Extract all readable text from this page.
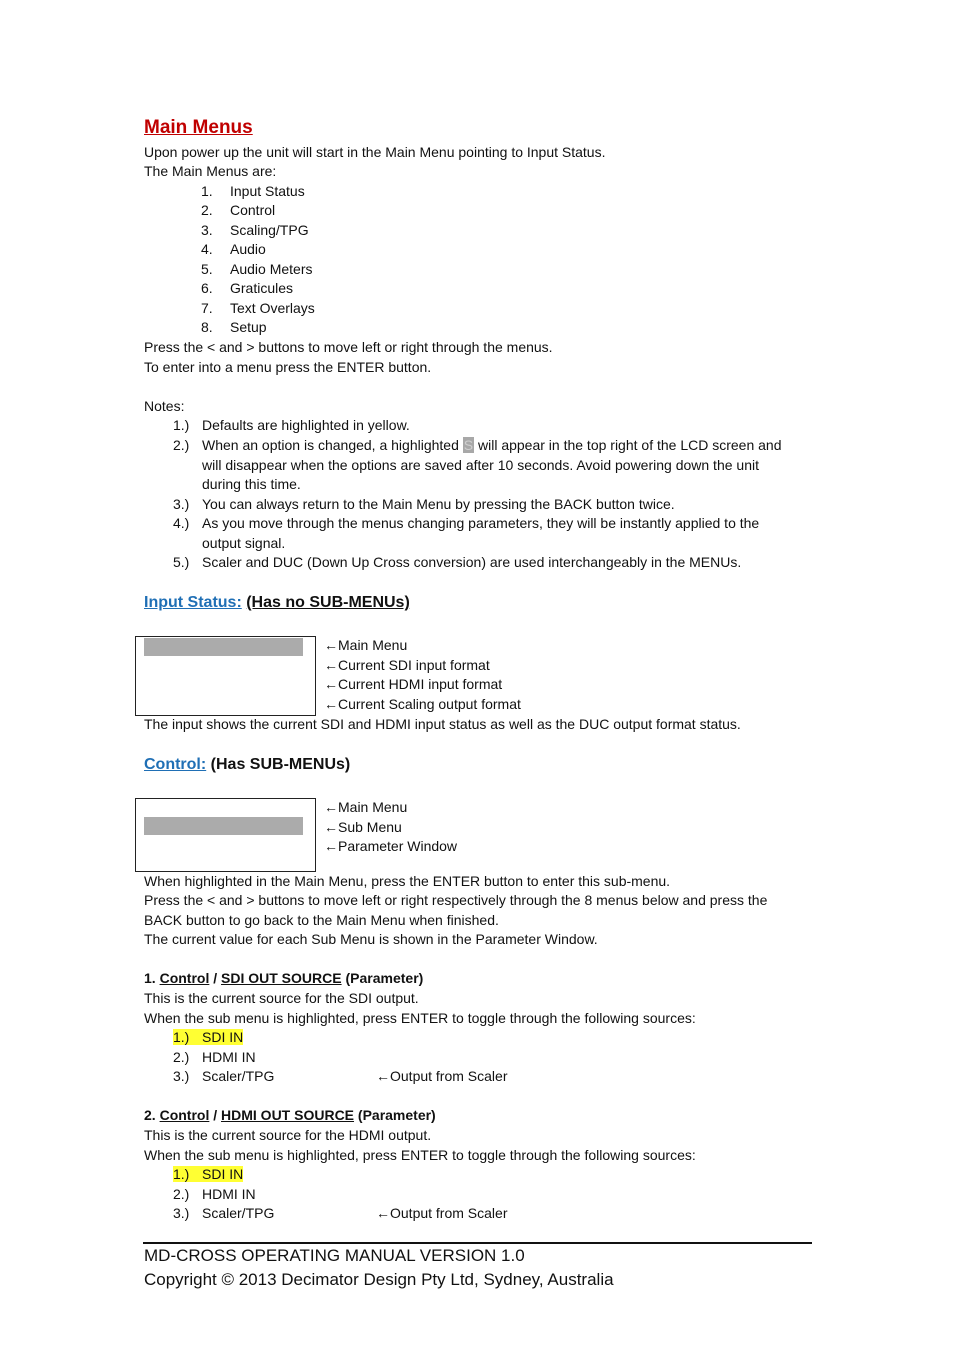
Main Menus
Upon power up the unit will start in the Main Menu pointing to Input Status.
The Main Menus are:
1. Input Status
2. Control
3. Scaling/TPG
4. Audio
5. Audio Meters
6. Graticules
7. Text Overlays
8. Setup
Press the < and > buttons to move left or right through the menus.
To enter into a menu press the ENTER button.
Notes:
1.) Defaults are highlighted in yellow.
2.) When an option is changed, a highlighted S will appear in the top right of the LCD screen and
will disappear when the options are saved after 10 seconds. Avoid powering down the unit
during this time.
3.) You can always return to the Main Menu by pressing the BACK button twice.
4.) As you move through the menus changing parameters, they will be instantly applied to the
output signal.
5.) Scaler and DUC (Down Up Cross conversion) are used interchangeably in the MENUs.
Input Status: (Has no SUB-MENUs)
←Main Menu
←Current SDI input format
←Current HDMI input format
←Current Scaling output format
The input shows the current SDI and HDMI input status as well as the DUC output format status.
Control: (Has SUB-MENUs)
←Main Menu
←Sub Menu
←Parameter Window
When highlighted in the Main Menu, press the ENTER button to enter this sub-menu.
Press the < and > buttons to move left or right respectively through the 8 menus below and press the
BACK button to go back to the Main Menu when finished.
The current value for each Sub Menu is shown in the Parameter Window.
1. Control / SDI OUT SOURCE (Parameter)
This is the current source for the SDI output.
When the sub menu is highlighted, press ENTER to toggle through the following sources:
1.) SDI IN
2.) HDMI IN
3.) Scaler/TPG	←Output from Scaler
2. Control / HDMI OUT SOURCE (Parameter)
This is the current source for the HDMI output.
When the sub menu is highlighted, press ENTER to toggle through the following sources:
1.) SDI IN
2.) HDMI IN
3.) Scaler/TPG	←Output from Scaler
MD-CROSS OPERATING MANUAL VERSION 1.0
Copyright © 2013 Decimator Design Pty Ltd, Sydney, Australia
